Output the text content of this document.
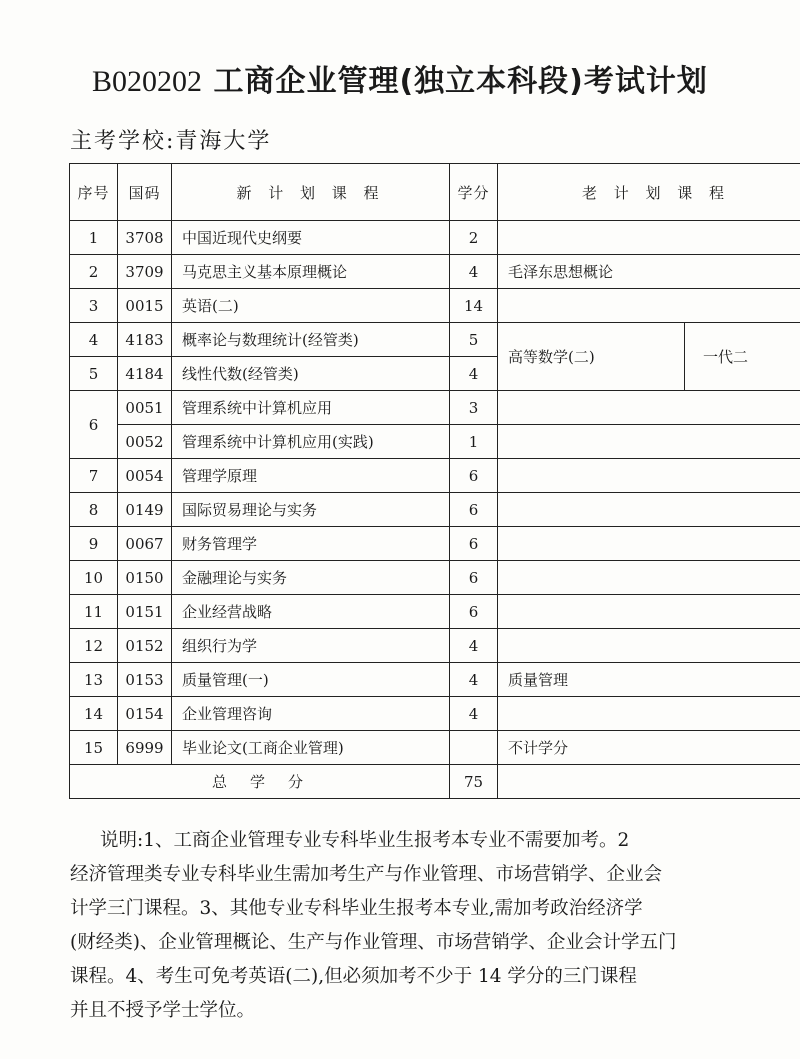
B020202 工商企业管理(独立本科段)考试计划
主考学校:青海大学
序号	国码	新 计 划 课 程	学分	老 计 划 课 程	
1	3708	中国近现代史纲要	2		
2	3709	马克思主义基本原理概论	4	毛泽东思想概论	
3	0015	英语(二)	14		
4	4183	概率论与数理统计(经管类)	5	高等数学(二)	一代二
5	4184	线性代数(经管类)	4		
6	0051	管理系统中计算机应用	3		
	0052	管理系统中计算机应用(实践)	1		
7	0054	管理学原理	6		
8	0149	国际贸易理论与实务	6		
9	0067	财务管理学	6		
10	0150	金融理论与实务	6		
11	0151	企业经营战略	6		
12	0152	组织行为学	4		
13	0153	质量管理(一)	4	质量管理	
14	0154	企业管理咨询	4		
15	6999	毕业论文(工商企业管理)		不计学分	
总　学　分			75		

说明:1、工商企业管理专业专科毕业生报考本专业不需要加考。2

经济管理类专业专科毕业生需加考生产与作业管理、市场营销学、企业会

计学三门课程。3、其他专业专科毕业生报考本专业,需加考政治经济学

(财经类)、企业管理概论、生产与作业管理、市场营销学、企业会计学五门

课程。4、考生可免考英语(二),但必须加考不少于 14 学分的三门课程

并且不授予学士学位。
